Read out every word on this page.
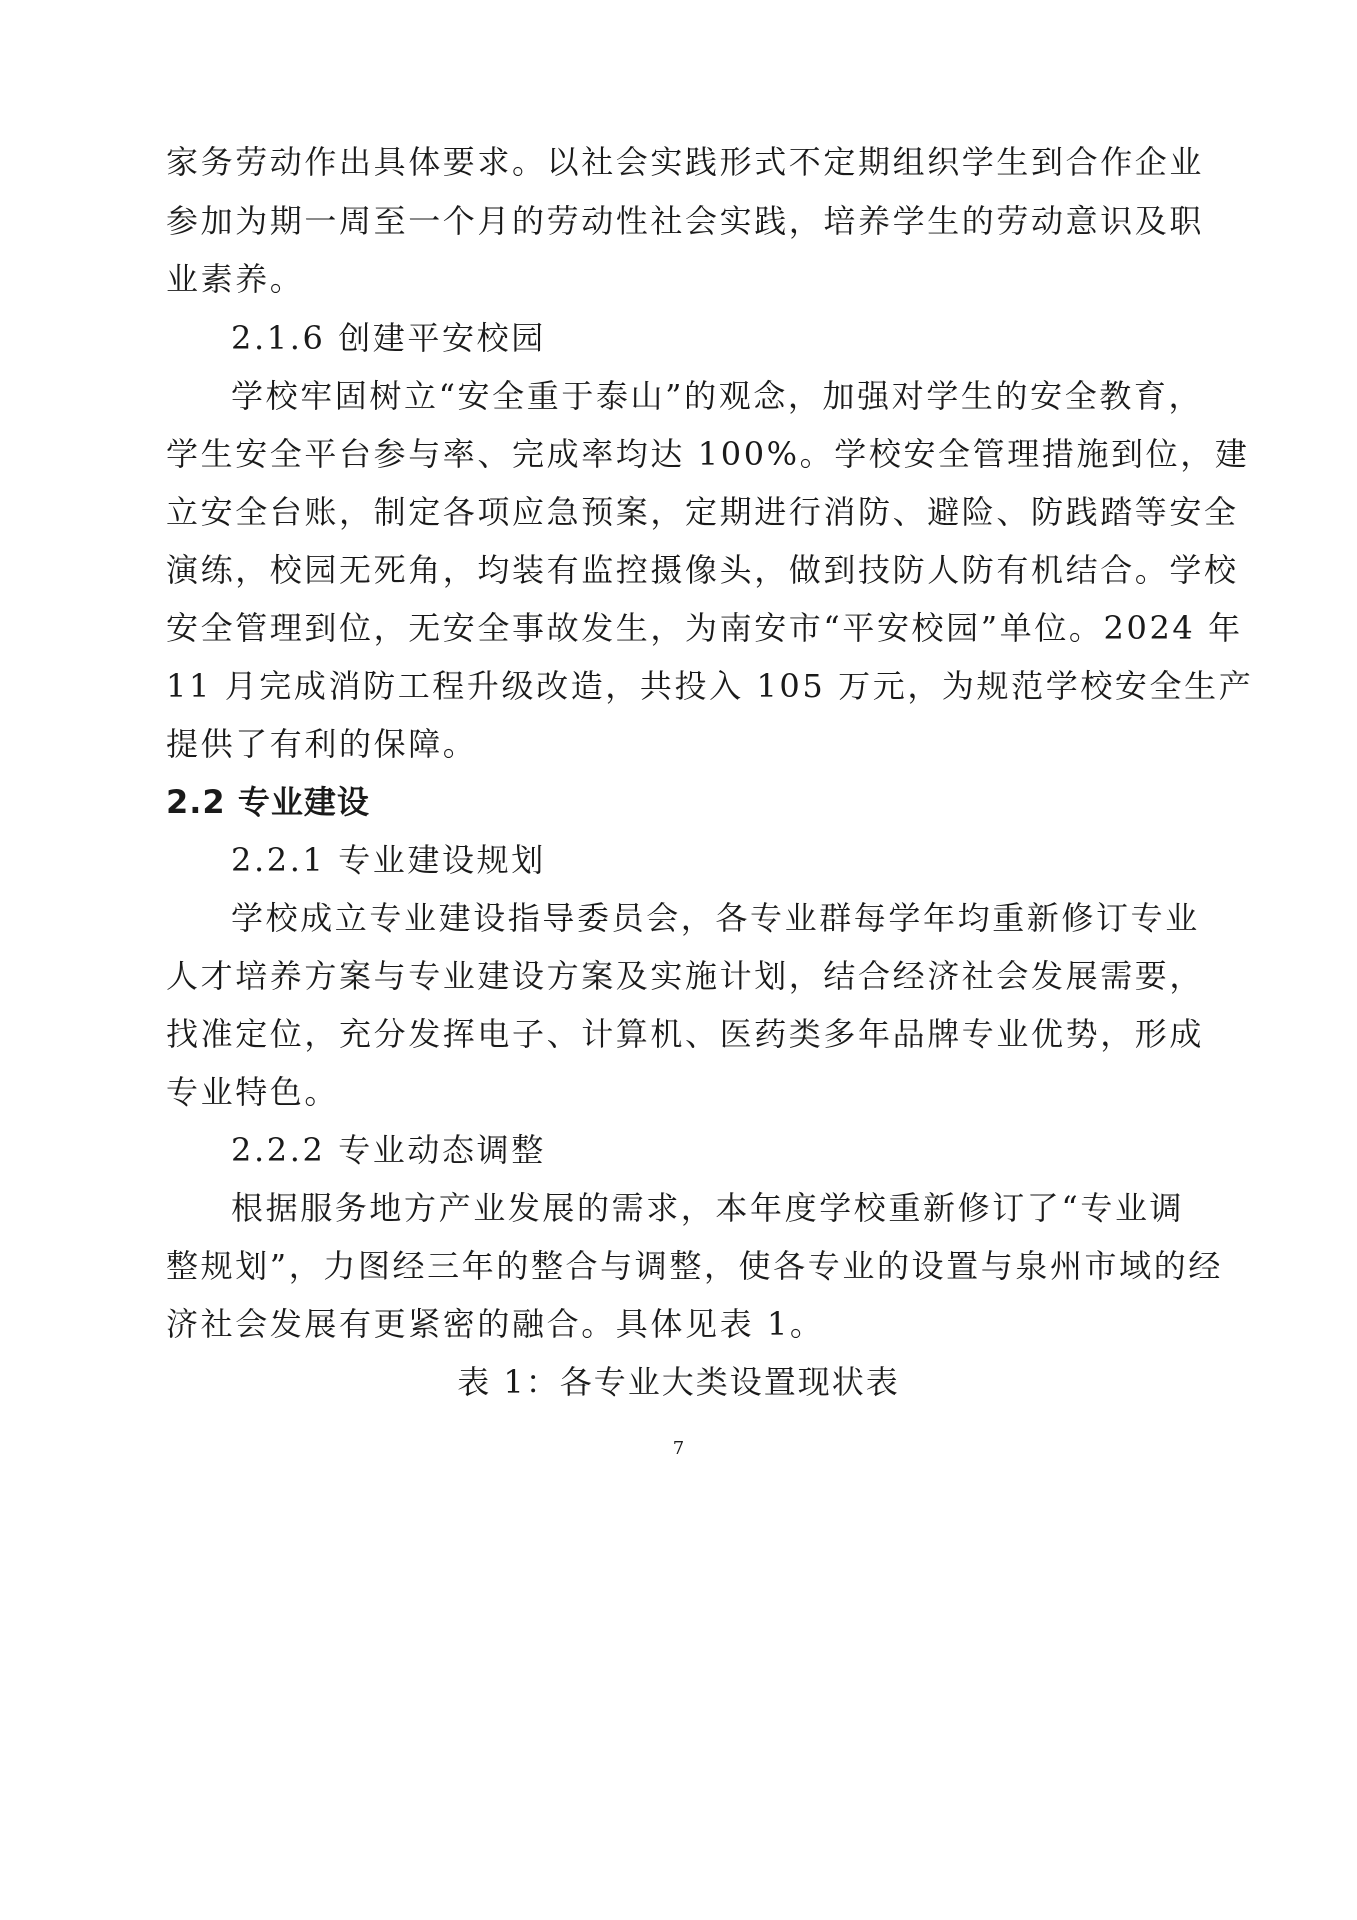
家务劳动作出具体要求。以社会实践形式不定期组织学生到合作企业
参加为期一周至一个月的劳动性社会实践，培养学生的劳动意识及职
业素养。
2.1.6 创建平安校园
学校牢固树立“安全重于泰山”的观念，加强对学生的安全教育，
学生安全平台参与率、完成率均达 100%。学校安全管理措施到位，建
立安全台账，制定各项应急预案，定期进行消防、避险、防践踏等安全
演练，校园无死角，均装有监控摄像头，做到技防人防有机结合。学校
安全管理到位，无安全事故发生，为南安市“平安校园”单位。2024 年
11 月完成消防工程升级改造，共投入 105 万元，为规范学校安全生产
提供了有利的保障。
2.2 专业建设
2.2.1 专业建设规划
学校成立专业建设指导委员会，各专业群每学年均重新修订专业
人才培养方案与专业建设方案及实施计划，结合经济社会发展需要，
找准定位，充分发挥电子、计算机、医药类多年品牌专业优势，形成
专业特色。
2.2.2 专业动态调整
根据服务地方产业发展的需求，本年度学校重新修订了“专业调
整规划”，力图经三年的整合与调整，使各专业的设置与泉州市域的经
济社会发展有更紧密的融合。具体见表 1。
表 1：各专业大类设置现状表
7
